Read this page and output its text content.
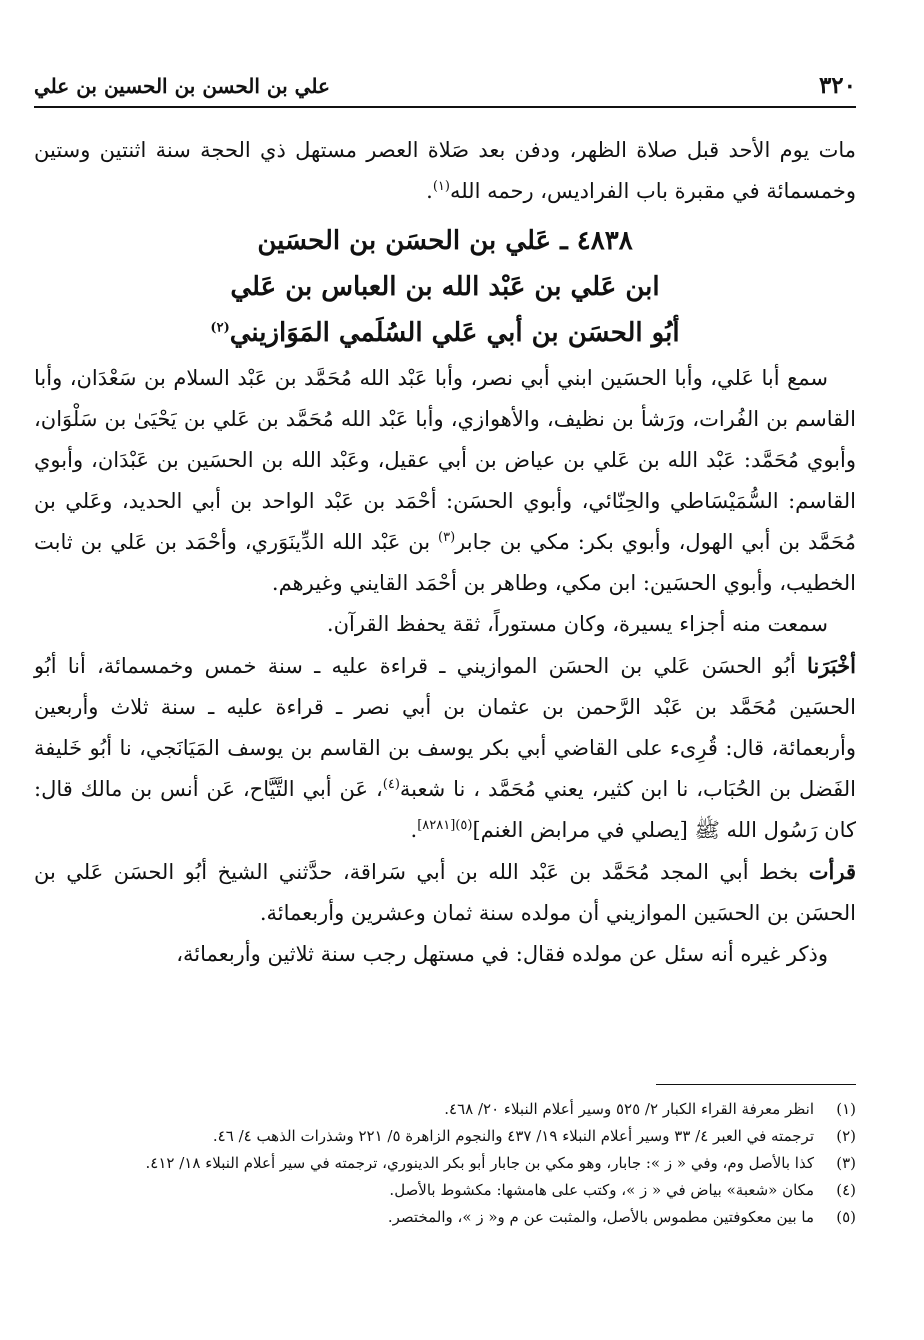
٣٢٠
علي بن الحسن بن الحسين بن علي

مات يوم الأحد قبل صلاة الظهر، ودفن بعد صَلاة العصر مستهل ذي الحجة سنة اثنتين وستين وخمسمائة في مقبرة باب الفراديس، رحمه الله$^{(١)}$.

٤٨٣٨ ـ عَلي بن الحسَن بن الحسَين
ابن عَلي بن عَبْد الله بن العباس بن عَلي
أبُو الحسَن بن أبي عَلي السُلَمي المَوَازيني$^{(٢)}$

سمع أبا عَلي، وأبا الحسَين ابني أبي نصر، وأبا عَبْد الله مُحَمَّد بن عَبْد السلام بن سَعْدَان، وأبا القاسم بن الفُرات، ورَشأ بن نظيف، والأهوازي، وأبا عَبْد الله مُحَمَّد بن عَلي بن يَحْيَىٰ بن سَلْوَان، وأبوي مُحَمَّد: عَبْد الله بن عَلي بن عياض بن أبي عقيل، وعَبْد الله بن الحسَين بن عَبْدَان، وأبوي القاسم: السُّمَيْسَاطي والحِنّائي، وأبوي الحسَن: أحْمَد بن عَبْد الواحد بن أبي الحديد، وعَلي بن مُحَمَّد بن أبي الهول، وأبوي بكر: مكي بن جابر$^{(٣)}$ بن عَبْد الله الدِّينَوَري، وأحْمَد بن عَلي بن ثابت الخطيب، وأبوي الحسَين: ابن مكي، وطاهر بن أحْمَد القايني وغيرهم.

سمعت منه أجزاء يسيرة، وكان مستوراً، ثقة يحفظ القرآن.

أخْبَرَنا أبُو الحسَن عَلي بن الحسَن الموازيني ـ قراءة عليه ـ سنة خمس وخمسمائة، أنا أبُو الحسَين مُحَمَّد بن عَبْد الرَّحمن بن عثمان بن أبي نصر ـ قراءة عليه ـ سنة ثلاث وأربعين وأربعمائة، قال: قُرِىء على القاضي أبي بكر يوسف بن القاسم بن يوسف المَيَانَجي، نا أبُو خَليفة الفَضل بن الحُبَاب، نا ابن كثير، يعني مُحَمَّد ، نا شعبة$^{(٤)}$، عَن أبي التَّيَّاح، عَن أنس بن مالك قال: كان رَسُول الله ﷺ [يصلي في مرابض الغنم]$^{(٥)[٨٢٨١]}$.

قرأت بخط أبي المجد مُحَمَّد بن عَبْد الله بن أبي سَراقة، حدَّثني الشيخ أبُو الحسَن عَلي بن الحسَن بن الحسَين الموازيني أن مولده سنة ثمان وعشرين وأربعمائة.

وذكر غيره أنه سئل عن مولده فقال: في مستهل رجب سنة ثلاثين وأربعمائة،

(١)
انظر معرفة القراء الكبار ٢/ ٥٢٥ وسير أعلام النبلاء ٢٠/ ٤٦٨.
(٢)
ترجمته في العبر ٤/ ٣٣ وسير أعلام النبلاء ١٩/ ٤٣٧ والنجوم الزاهرة ٥/ ٢٢١ وشذرات الذهب ٤/ ٤٦.
(٣)
كذا بالأصل وم، وفي « ز »: جابار، وهو مكي بن جابار أبو بكر الدينوري، ترجمته في سير أعلام النبلاء ١٨/ ٤١٢.
(٤)
مكان «شعبة» بياض في « ز »، وكتب على هامشها: مكشوط بالأصل.
(٥)
ما بين معكوفتين مطموس بالأصل، والمثبت عن م و« ز »، والمختصر.
